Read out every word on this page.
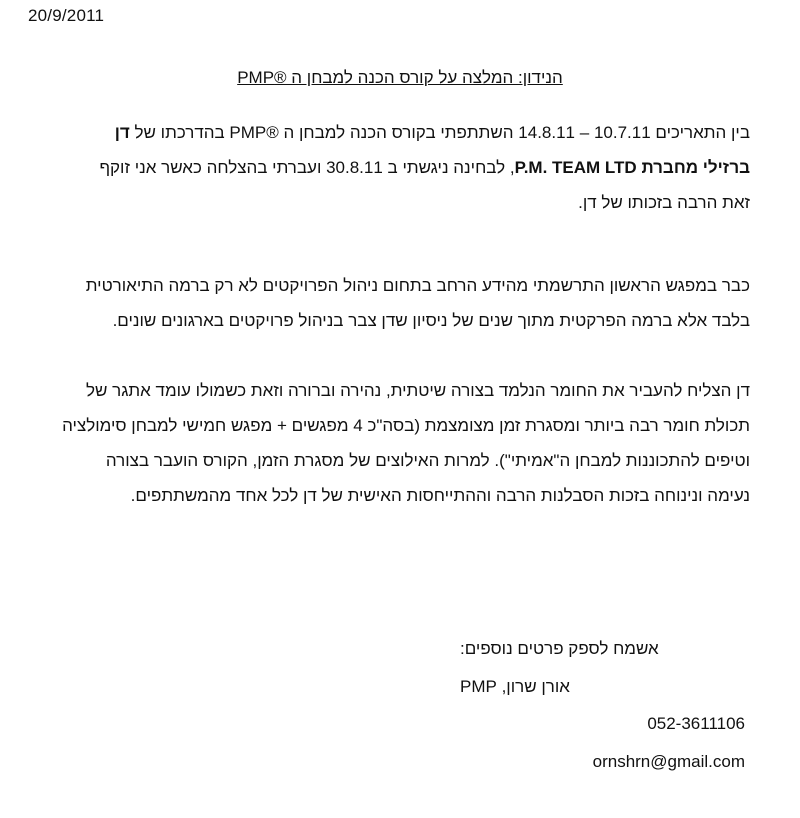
20/9/2011
הנידון: המלצה על קורס הכנה למבחן ה ®PMP
בין התאריכים 10.7.11 – 14.8.11 השתתפתי בקורס הכנה למבחן ה ®PMP בהדרכתו של דן
ברזילי מחברת P.M. TEAM LTD, לבחינה ניגשתי ב 30.8.11 ועברתי בהצלחה כאשר אני זוקף
זאת הרבה בזכותו של דן.
כבר במפגש הראשון התרשמתי מהידע הרחב בתחום ניהול הפרויקטים לא רק ברמה התיאורטית
בלבד אלא ברמה הפרקטית מתוך שנים של ניסיון שדן צבר בניהול פרויקטים בארגונים שונים.
דן הצליח להעביר את החומר הנלמד בצורה שיטתית, נהירה וברורה וזאת כשמולו עומד אתגר של
תכולת חומר רבה ביותר ומסגרת זמן מצומצמת (בסה"כ 4 מפגשים + מפגש חמישי למבחן סימולציה
וטיפים להתכוננות למבחן ה"אמיתי"). למרות האילוצים של מסגרת הזמן, הקורס הועבר בצורה
נעימה ונינוחה בזכות הסבלנות הרבה וההתייחסות האישית של דן לכל אחד מהמשתתפים.
אשמח לספק פרטים נוספים:
אורן שרון, PMP
052-3611106
ornshrn@gmail.com
